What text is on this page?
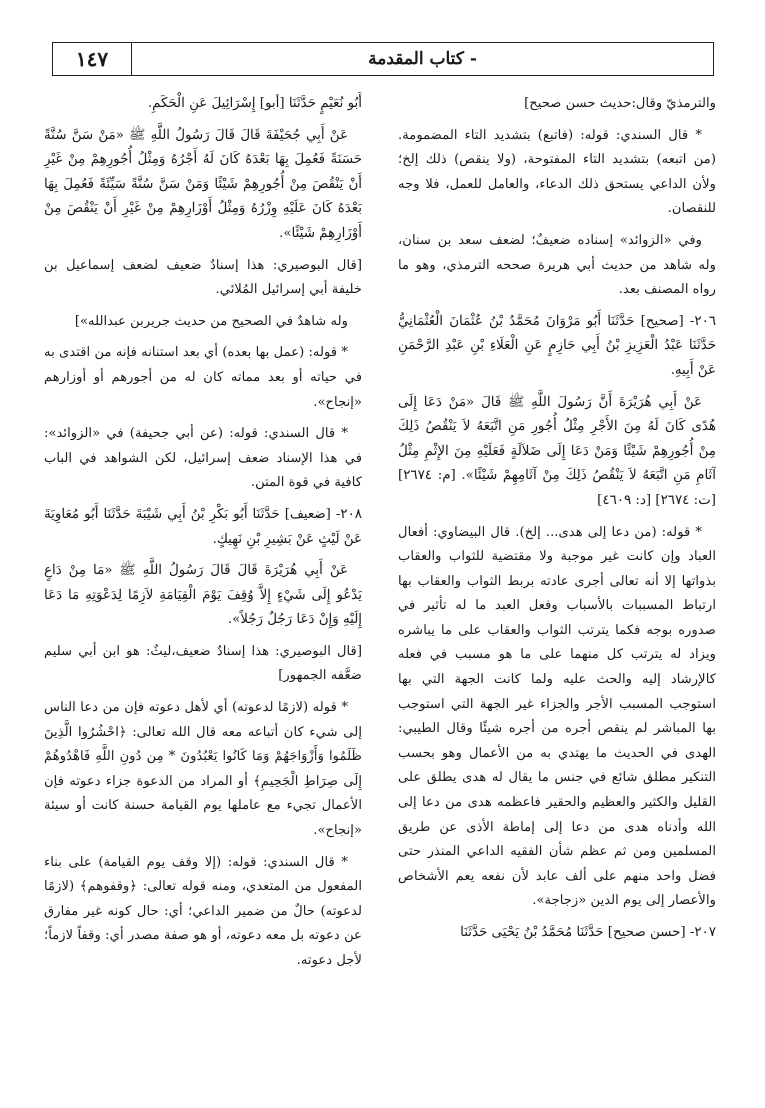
١٤٧	- كتاب المقدمة

والترمذيّ وقال:حديث حسن صحيح]

* قال السندي: قوله: (فاتبع) بتشديد التاء المضمومة. (من اتبعه) بتشديد التاء المفتوحة، (ولا ينقص) ذلك إلخ؛ ولأن الداعي يستحق ذلك الدعاء، والعامل للعمل، فلا وجه للنقصان.

وفي «الزوائد» إسناده ضعيفٌ؛ لضعف سعد بن سنان، وله شاهد من حديث أبي هريرة صححه الترمذي، وهو ما رواه المصنف بعد.

٢٠٦- [صحيح] حَدَّثَنَا أَبُو مَرْوَانَ مُحَمَّدُ بْنُ عُثْمَانَ الْعُثْمَانِيُّ حَدَّثَنَا عَبْدُ الْعَزِيزِ بْنُ أَبِي حَازِمٍ عَنِ الْعَلَاءِ بْنِ عَبْدِ الرَّحْمَنِ عَنْ أَبِيهِ.

عَنْ أَبِي هُرَيْرَةَ أَنَّ رَسُولَ اللَّهِ ﷺ قَالَ «مَنْ دَعَا إِلَى هُدًى كَانَ لَهُ مِنَ الأَجْرِ مِثْلُ أُجُورِ مَنِ اتَّبَعَهُ لاَ يَنْقُصُ ذَلِكَ مِنْ أُجُورِهِمْ شَيْئًا وَمَنْ دَعَا إِلَى ضَلاَلَةٍ فَعَلَيْهِ مِنَ الإِثْمِ مِثْلُ آثَامِ مَنِ اتَّبَعَهُ لاَ يَنْقُصُ ذَلِكَ مِنْ آثَامِهِمْ شَيْئًا». [م: ٢٦٧٤] [ت: ٢٦٧٤] [د: ٤٦٠٩]

* قوله: (من دعا إلى هدى... إلخ). قال البيضاوي: أفعال العباد وإن كانت غير موجبة ولا مقتضية للثواب والعقاب بذواتها إلا أنه تعالى أجرى عادته بربط الثواب والعقاب بها ارتباط المسببات بالأسباب وفعل العبد ما له تأثير في صدوره بوجه فكما يترتب الثواب والعقاب على ما يباشره ويزاد له يترتب كل منهما على ما هو مسبب في فعله كالإرشاد إليه والحث عليه ولما كانت الجهة التي بها استوجب المسبب الأجر والجزاء غير الجهة التي استوجب بها المباشر لم ينقص أجره من أجره شيئًا وقال الطيبي: الهدى في الحديث ما يهتدي به من الأعمال وهو بحسب التنكير مطلق شائع في جنس ما يقال له هدى يطلق على القليل والكثير والعظيم والحقير فاعظمه هدى من دعا إلى الله وأدناه هدى من دعا إلى إماطة الأذى عن طريق المسلمين ومن ثم عظم شأن الفقيه الداعي المنذر حتى فضل واحد منهم على ألف عابد لأن نفعه يعم الأشخاص والأعصار إلى يوم الدين «زجاجة».

٢٠٧- [حسن صحيح] حَدَّثَنَا مُحَمَّدُ بْنُ يَحْيَى حَدَّثَنَا

أَبُو نُعَيْمٍ حَدَّثَنَا [أبو] إِسْرَائِيلَ عَنِ الْحَكَمِ.

عَنْ أَبِي جُحَيْفَةَ قَالَ قَالَ رَسُولُ اللَّهِ ﷺ «مَنْ سَنَّ سُنَّةً حَسَنَةً فَعُمِلَ بِهَا بَعْدَهُ كَانَ لَهُ أَجْرُهُ وَمِثْلُ أُجُورِهِمْ مِنْ غَيْرِ أَنْ يَنْقُصَ مِنْ أُجُورِهِمْ شَيْئًا وَمَنْ سَنَّ سُنَّةً سَيِّئَةً فَعُمِلَ بِهَا بَعْدَهُ كَانَ عَلَيْهِ وِزْرُهُ وَمِثْلُ أَوْزَارِهِمْ مِنْ غَيْرِ أَنْ يَنْقُصَ مِنْ أَوْزَارِهِمْ شَيْئًا».

[قال البوصيري: هذا إسنادٌ ضعيف لضعف إسماعيل بن خليفة أبي إسرائيل المُلائي.

وله شاهدٌ في الصحيح من حديث جريربن عبدالله»]

* قوله: (عمل بها بعده) أي بعد استنانه فإنه من اقتدى به في حياته أو بعد مماته كان له من أجورهم أو أوزارهم «إنجاح».

* قال السندي: قوله: (عن أبي جحيفة) في «الزوائد»: في هذا الإسناد ضعف إسرائيل، لكن الشواهد في الباب كافية في قوة المتن.

٢٠٨- [ضعيف] حَدَّثَنَا أَبُو بَكْرِ بْنُ أَبِي شَيْبَةَ حَدَّثَنَا أَبُو مُعَاوِيَةَ عَنْ لَيْثٍ عَنْ بَشِيرِ بْنِ نَهِيكٍ.

عَنْ أَبِي هُرَيْرَةَ قَالَ قَالَ رَسُولُ اللَّهِ ﷺ «مَا مِنْ دَاعٍ يَدْعُو إِلَى شَيْءٍ إِلاَّ وُقِفَ يَوْمَ الْقِيَامَةِ لاَزِمًا لِدَعْوَتِهِ مَا دَعَا إِلَيْهِ وَإِنْ دَعَا رَجُلٌ رَجُلاً».

[قال البوصيري: هذا إسنادٌ ضعيف،ليثٌ: هو ابن أبي سليم ضعَّفه الجمهور]

* قوله (لازمًا لدعوته) أي لأهل دعوته فإن من دعا الناس إلى شيء كان أتباعه معه قال الله تعالى: ﴿احْشُرُوا الَّذِينَ ظَلَمُوا وَأَزْوَاجَهُمْ وَمَا كَانُوا يَعْبُدُونَ * مِن دُونِ اللَّهِ فَاهْدُوهُمْ إِلَى صِرَاطِ الْجَحِيمِ﴾ أو المراد من الدعوة جزاء دعوته فإن الأعمال تجيء مع عاملها يوم القيامة حسنة كانت أو سيئة «إنجاح».

* قال السندي: قوله: (إلا وقف يوم القيامة) على بناء المفعول من المتعدي، ومنه قوله تعالى: ﴿وقفوهم﴾ (لازمًا لدعوته) حالٌ من ضمير الداعي؛ أي: حال كونه غير مفارق عن دعوته بل معه دعوته، أو هو صفة مصدر أي: وقفاً لازماً؛ لأجل دعوته.
